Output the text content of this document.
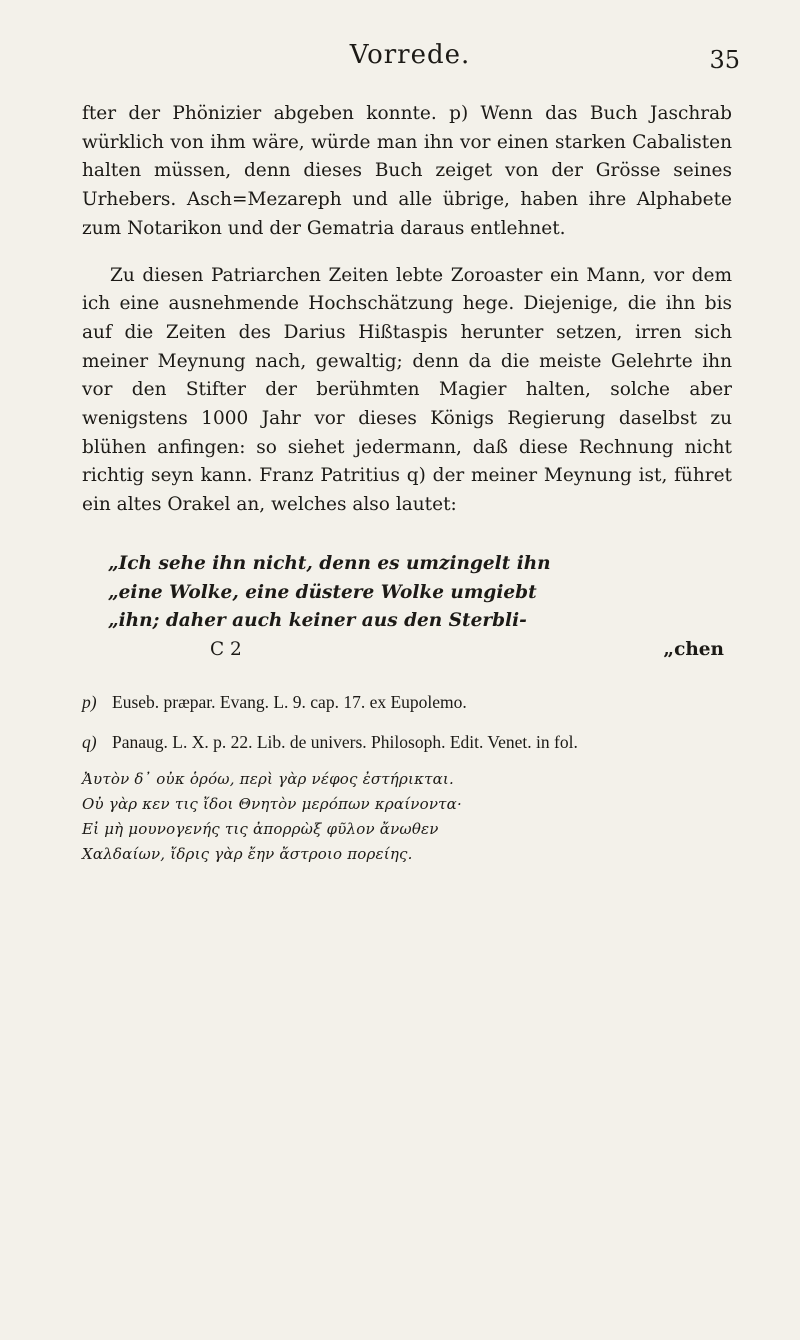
Vorrede.	35

fter der Phönizier abgeben konnte. p) Wenn das Buch Jaschrab würklich von ihm wäre, würde man ihn vor einen starken Cabalisten halten müssen, denn dieses Buch zeiget von der Grösse seines Urhebers. Asch=Mezareph und alle übrige, haben ihre Alphabete zum Notarikon und der Gematria daraus entlehnet.

Zu diesen Patriarchen Zeiten lebte Zoroaster ein Mann, vor dem ich eine ausnehmende Hochschätzung hege. Diejenige, die ihn bis auf die Zeiten des Darius Hißtaspis herunter setzen, irren sich meiner Meynung nach, gewaltig; denn da die meiste Gelehrte ihn vor den Stifter der berühmten Magier halten, solche aber wenigstens 1000 Jahr vor dieses Königs Regierung daselbst zu blühen anfingen: so siehet jedermann, daß diese Rechnung nicht richtig seyn kann. Franz Patritius q) der meiner Meynung ist, führet ein altes Orakel an, welches also lautet:

„Ich sehe ihn nicht, denn es umzingelt ihn
„eine Wolke, eine düstere Wolke umgiebt
„ihn; daher auch keiner aus den Sterbli-
C 2	„chen
p) Euseb. præpar. Evang. L. 9. cap. 17. ex Eupolemo.
q) Panaug. L. X. p. 22. Lib. de univers. Philosoph. Edit. Venet. in fol.
Ἀυτὸν δ᾽ οὐκ ὁρόω, περὶ γὰρ νέφος ἐστήρικται.
Οὐ γὰρ κεν τις ἴδοι Θνητὸν μερόπων κραίνοντα·
Εἰ μὴ μουνογενής τις ἀπορρὼξ φῦλον ἄνωθεν
Χαλδαίων, ἴδρις γὰρ ἔην ἄστροιο πορείης.
